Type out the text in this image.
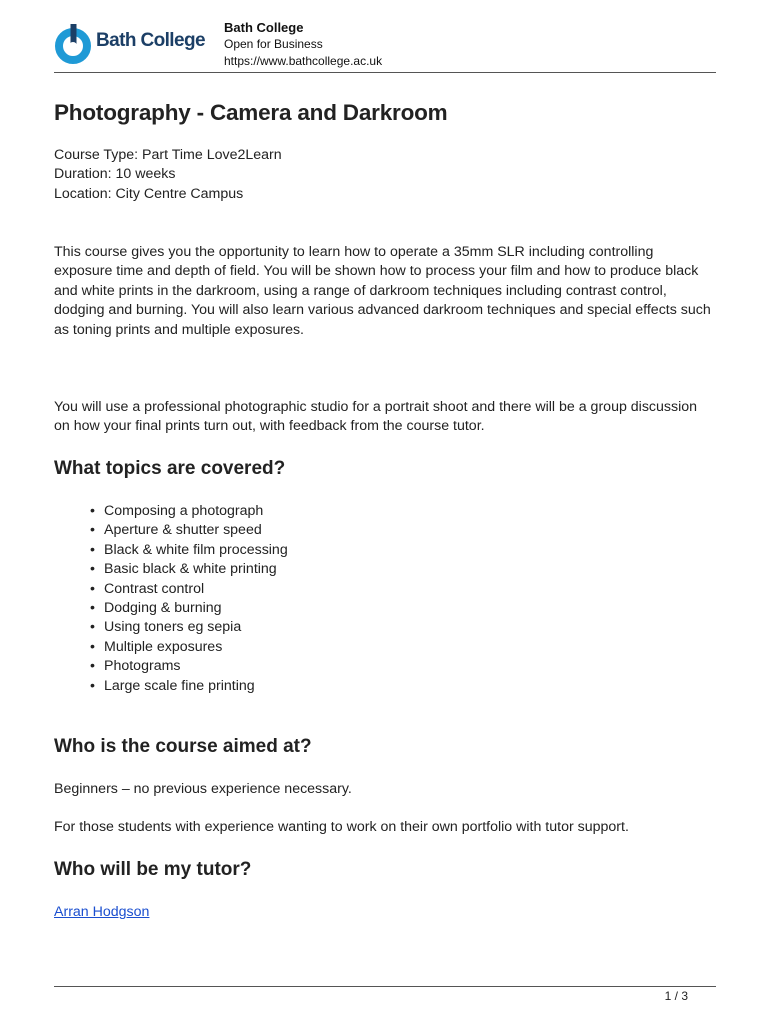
Bath College
Bath College
Open for Business
https://www.bathcollege.ac.uk
Photography - Camera and Darkroom
Course Type: Part Time Love2Learn
Duration: 10 weeks
Location: City Centre Campus

This course gives you the opportunity to learn how to operate a 35mm SLR including controlling exposure time and depth of field. You will be shown how to process your film and how to produce black and white prints in the darkroom, using a range of darkroom techniques including contrast control, dodging and burning. You will also learn various advanced darkroom techniques and special effects such as toning prints and multiple exposures.

You will use a professional photographic studio for a portrait shoot and there will be a group discussion on how your final prints turn out, with feedback from the course tutor.

What topics are covered?
• Composing a photograph
• Aperture & shutter speed
• Black & white film processing
• Basic black & white printing
• Contrast control
• Dodging & burning
• Using toners eg sepia
• Multiple exposures
• Photograms
• Large scale fine printing
Who is the course aimed at?

Beginners – no previous experience necessary.

For those students with experience wanting to work on their own portfolio with tutor support.

Who will be my tutor?
Arran Hodgson
1 / 3
